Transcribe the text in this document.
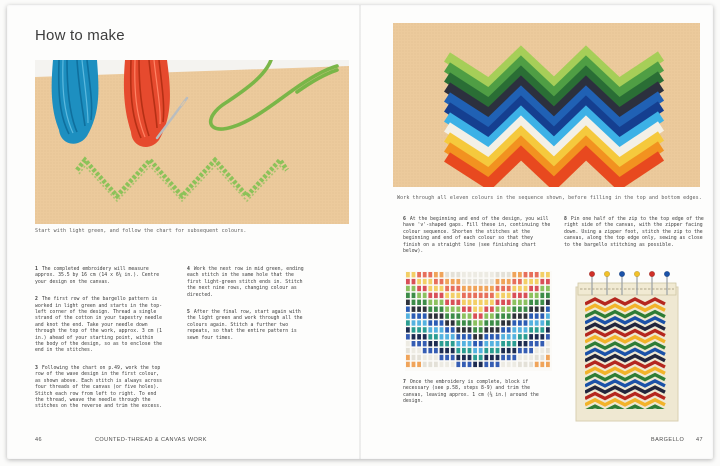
How to make
Start with light green, and follow the chart for subsequent colours.
1 The completed embroidery will measure approx. 35.5 by 16 cm (14 x 6¼ in.). Centre your design on the canvas.
2 The first row of the bargello pattern is worked in light green and starts in the top-left corner of the design. Thread a single strand of the cotton in your tapestry needle and knot the end. Take your needle down through the top of the work, approx. 3 cm (1 in.) ahead of your starting point, within the body of the design, so as to enclose the end in the stitches.
3 Following the chart on p.49, work the top row of the wave design in the first colour, as shown above. Each stitch is always across four threads of the canvas (or five holes). Stitch each row from left to right. To end the thread, weave the needle through the stitches on the reverse and trim the excess.
4 Work the next row in mid green, ending each stitch in the same hole that the first light-green stitch ends in. Stitch the next nine rows, changing colour as directed.
5 After the final row, start again with the light green and work through all the colours again. Stitch a further two repeats, so that the entire pattern is sewn four times.
46	COUNTED-THREAD & CANVAS WORK
Work through all eleven colours in the sequence shown, before filling in the top and bottom edges.
6 At the beginning and end of the design, you will have 'v'-shaped gaps. Fill these in, continuing the colour sequence. Shorten the stitches at the beginning and end of each colour so that they finish on a straight line (see finishing chart below).
7 Once the embroidery is complete, block if necessary (see p.58, steps 8-9) and trim the canvas, leaving approx. 1 cm (⅜ in.) around the design.
8 Pin one half of the zip to the top edge of the right side of the canvas, with the zipper facing down. Using a zipper foot, stitch the zip to the canvas, along the top edge only, sewing as close to the bargello stitching as possible.
BARGELLO 47
